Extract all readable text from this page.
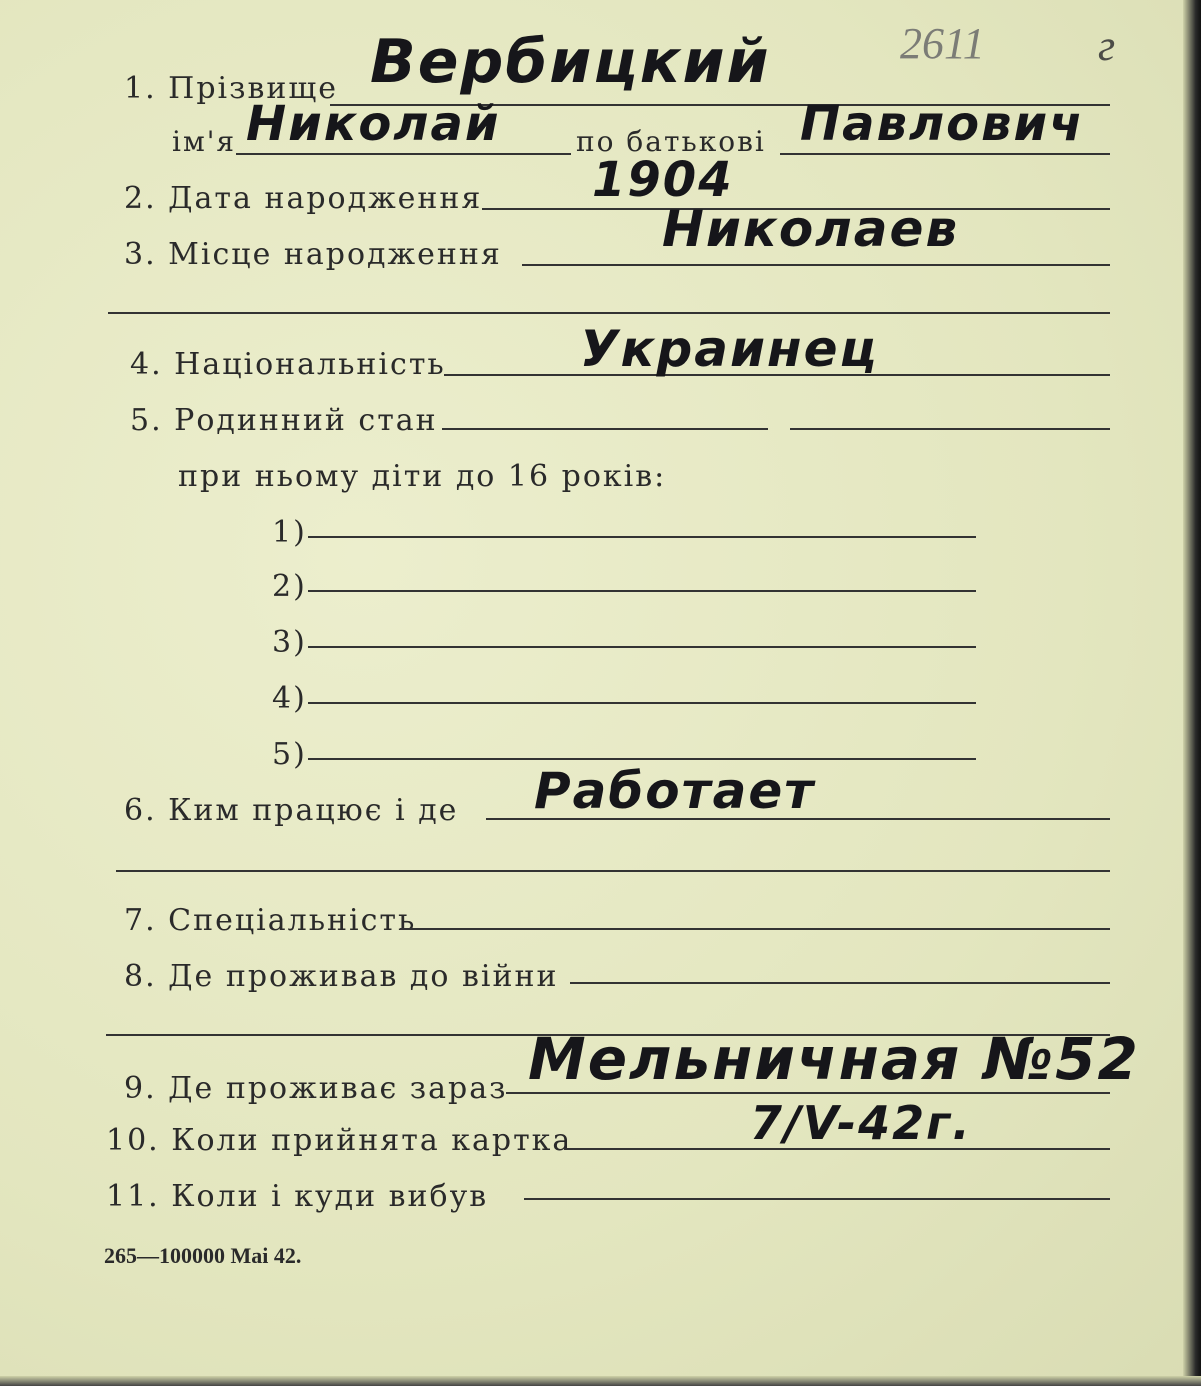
2611	г
1. Прізвище Вербицкий
ім'я Николай	по батькові Павлович
2. Дата народження 1904
3. Місце народження	Николаев
4. Національність	Украинец
5. Родинний стан
при ньому діти до 16 років:
1)
2)
3)
4)
5)
6. Ким працює і де Работает
7. Спеціальність
8. Де проживав до війни
9. Де проживає зараз Мельничная №52
10. Коли прийнята картка	7/V-42г.
11. Коли і куди вибув
265—100000 Mai 42.
